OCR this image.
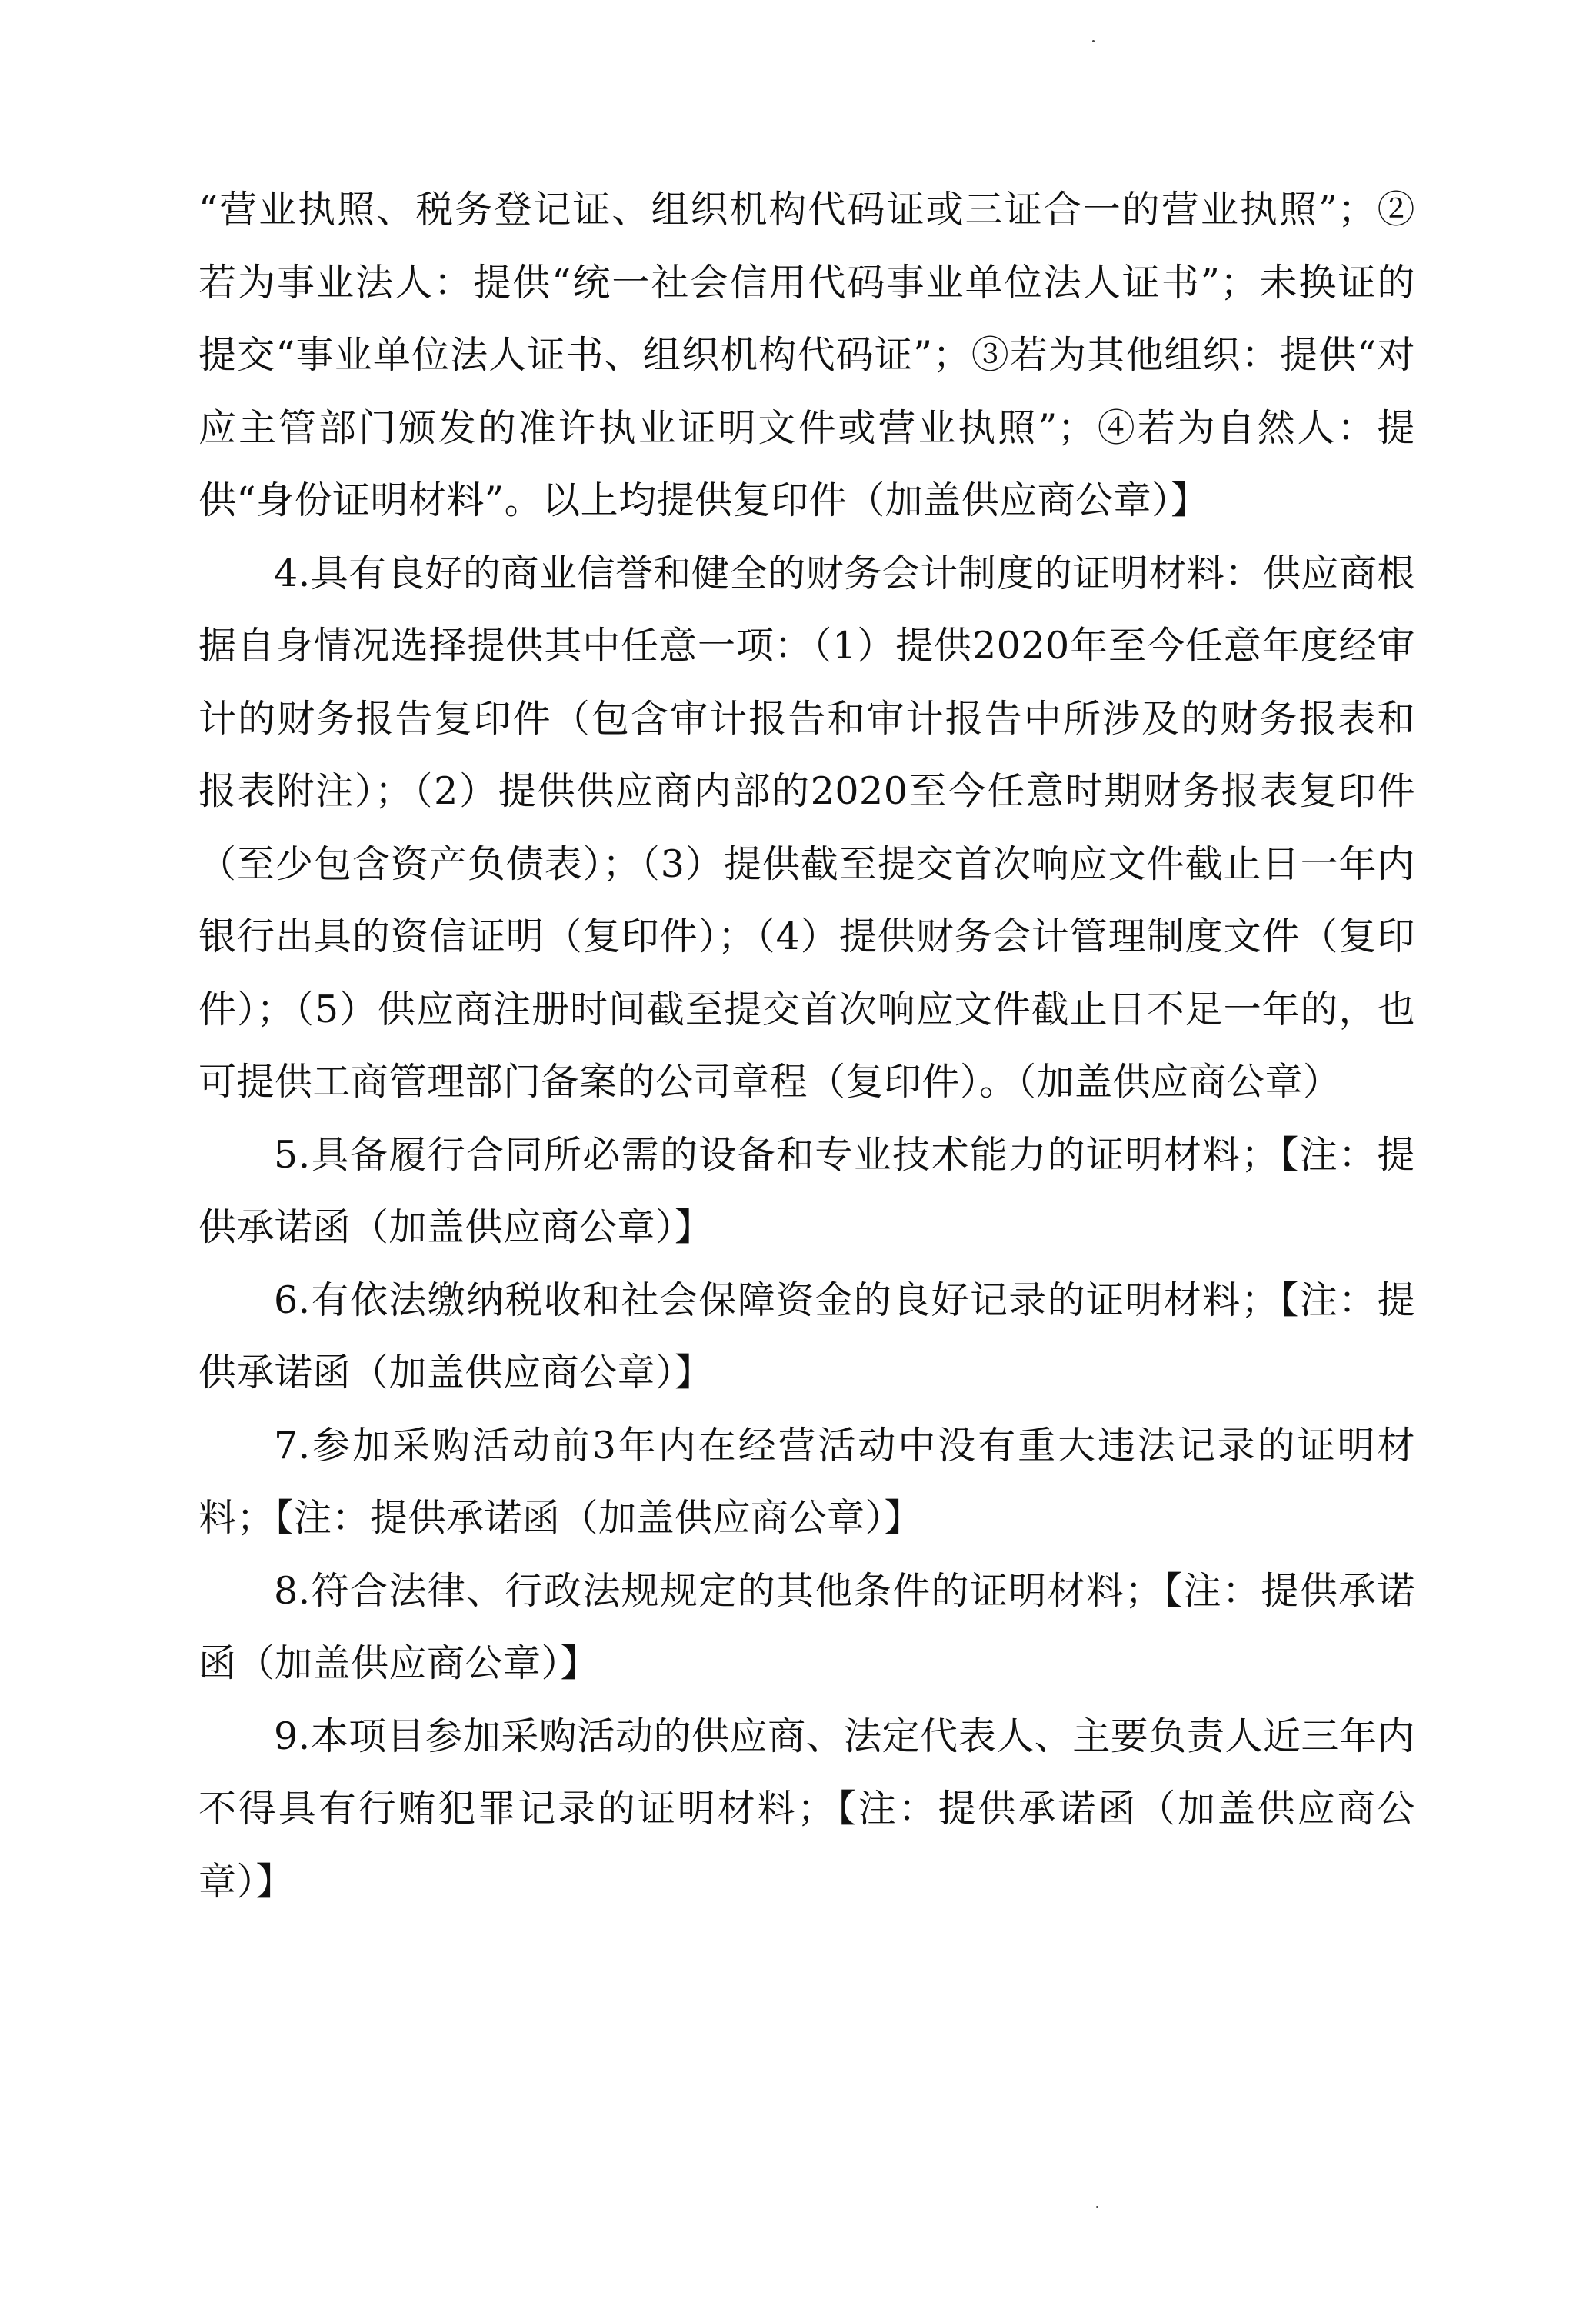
“营业执照、税务登记证、组织机构代码证或三证合一的营业执照”；②若为事业法人：提供“统一社会信用代码事业单位法人证书”；未换证的提交“事业单位法人证书、组织机构代码证”；③若为其他组织：提供“对应主管部门颁发的准许执业证明文件或营业执照”；④若为自然人：提供“身份证明材料”。以上均提供复印件（加盖供应商公章）】

4.具有良好的商业信誉和健全的财务会计制度的证明材料：供应商根据自身情况选择提供其中任意一项：（1）提供2020年至今任意年度经审计的财务报告复印件（包含审计报告和审计报告中所涉及的财务报表和报表附注）；（2）提供供应商内部的2020至今任意时期财务报表复印件（至少包含资产负债表）；（3）提供截至提交首次响应文件截止日一年内银行出具的资信证明（复印件）；（4）提供财务会计管理制度文件（复印件）；（5）供应商注册时间截至提交首次响应文件截止日不足一年的，也可提供工商管理部门备案的公司章程（复印件）。（加盖供应商公章）

5.具备履行合同所必需的设备和专业技术能力的证明材料；【注：提供承诺函（加盖供应商公章）】

6.有依法缴纳税收和社会保障资金的良好记录的证明材料；【注：提供承诺函（加盖供应商公章）】

7.参加采购活动前3年内在经营活动中没有重大违法记录的证明材料；【注：提供承诺函（加盖供应商公章）】

8.符合法律、行政法规规定的其他条件的证明材料；【注：提供承诺函（加盖供应商公章）】

9.本项目参加采购活动的供应商、法定代表人、主要负责人近三年内不得具有行贿犯罪记录的证明材料；【注：提供承诺函（加盖供应商公章）】
